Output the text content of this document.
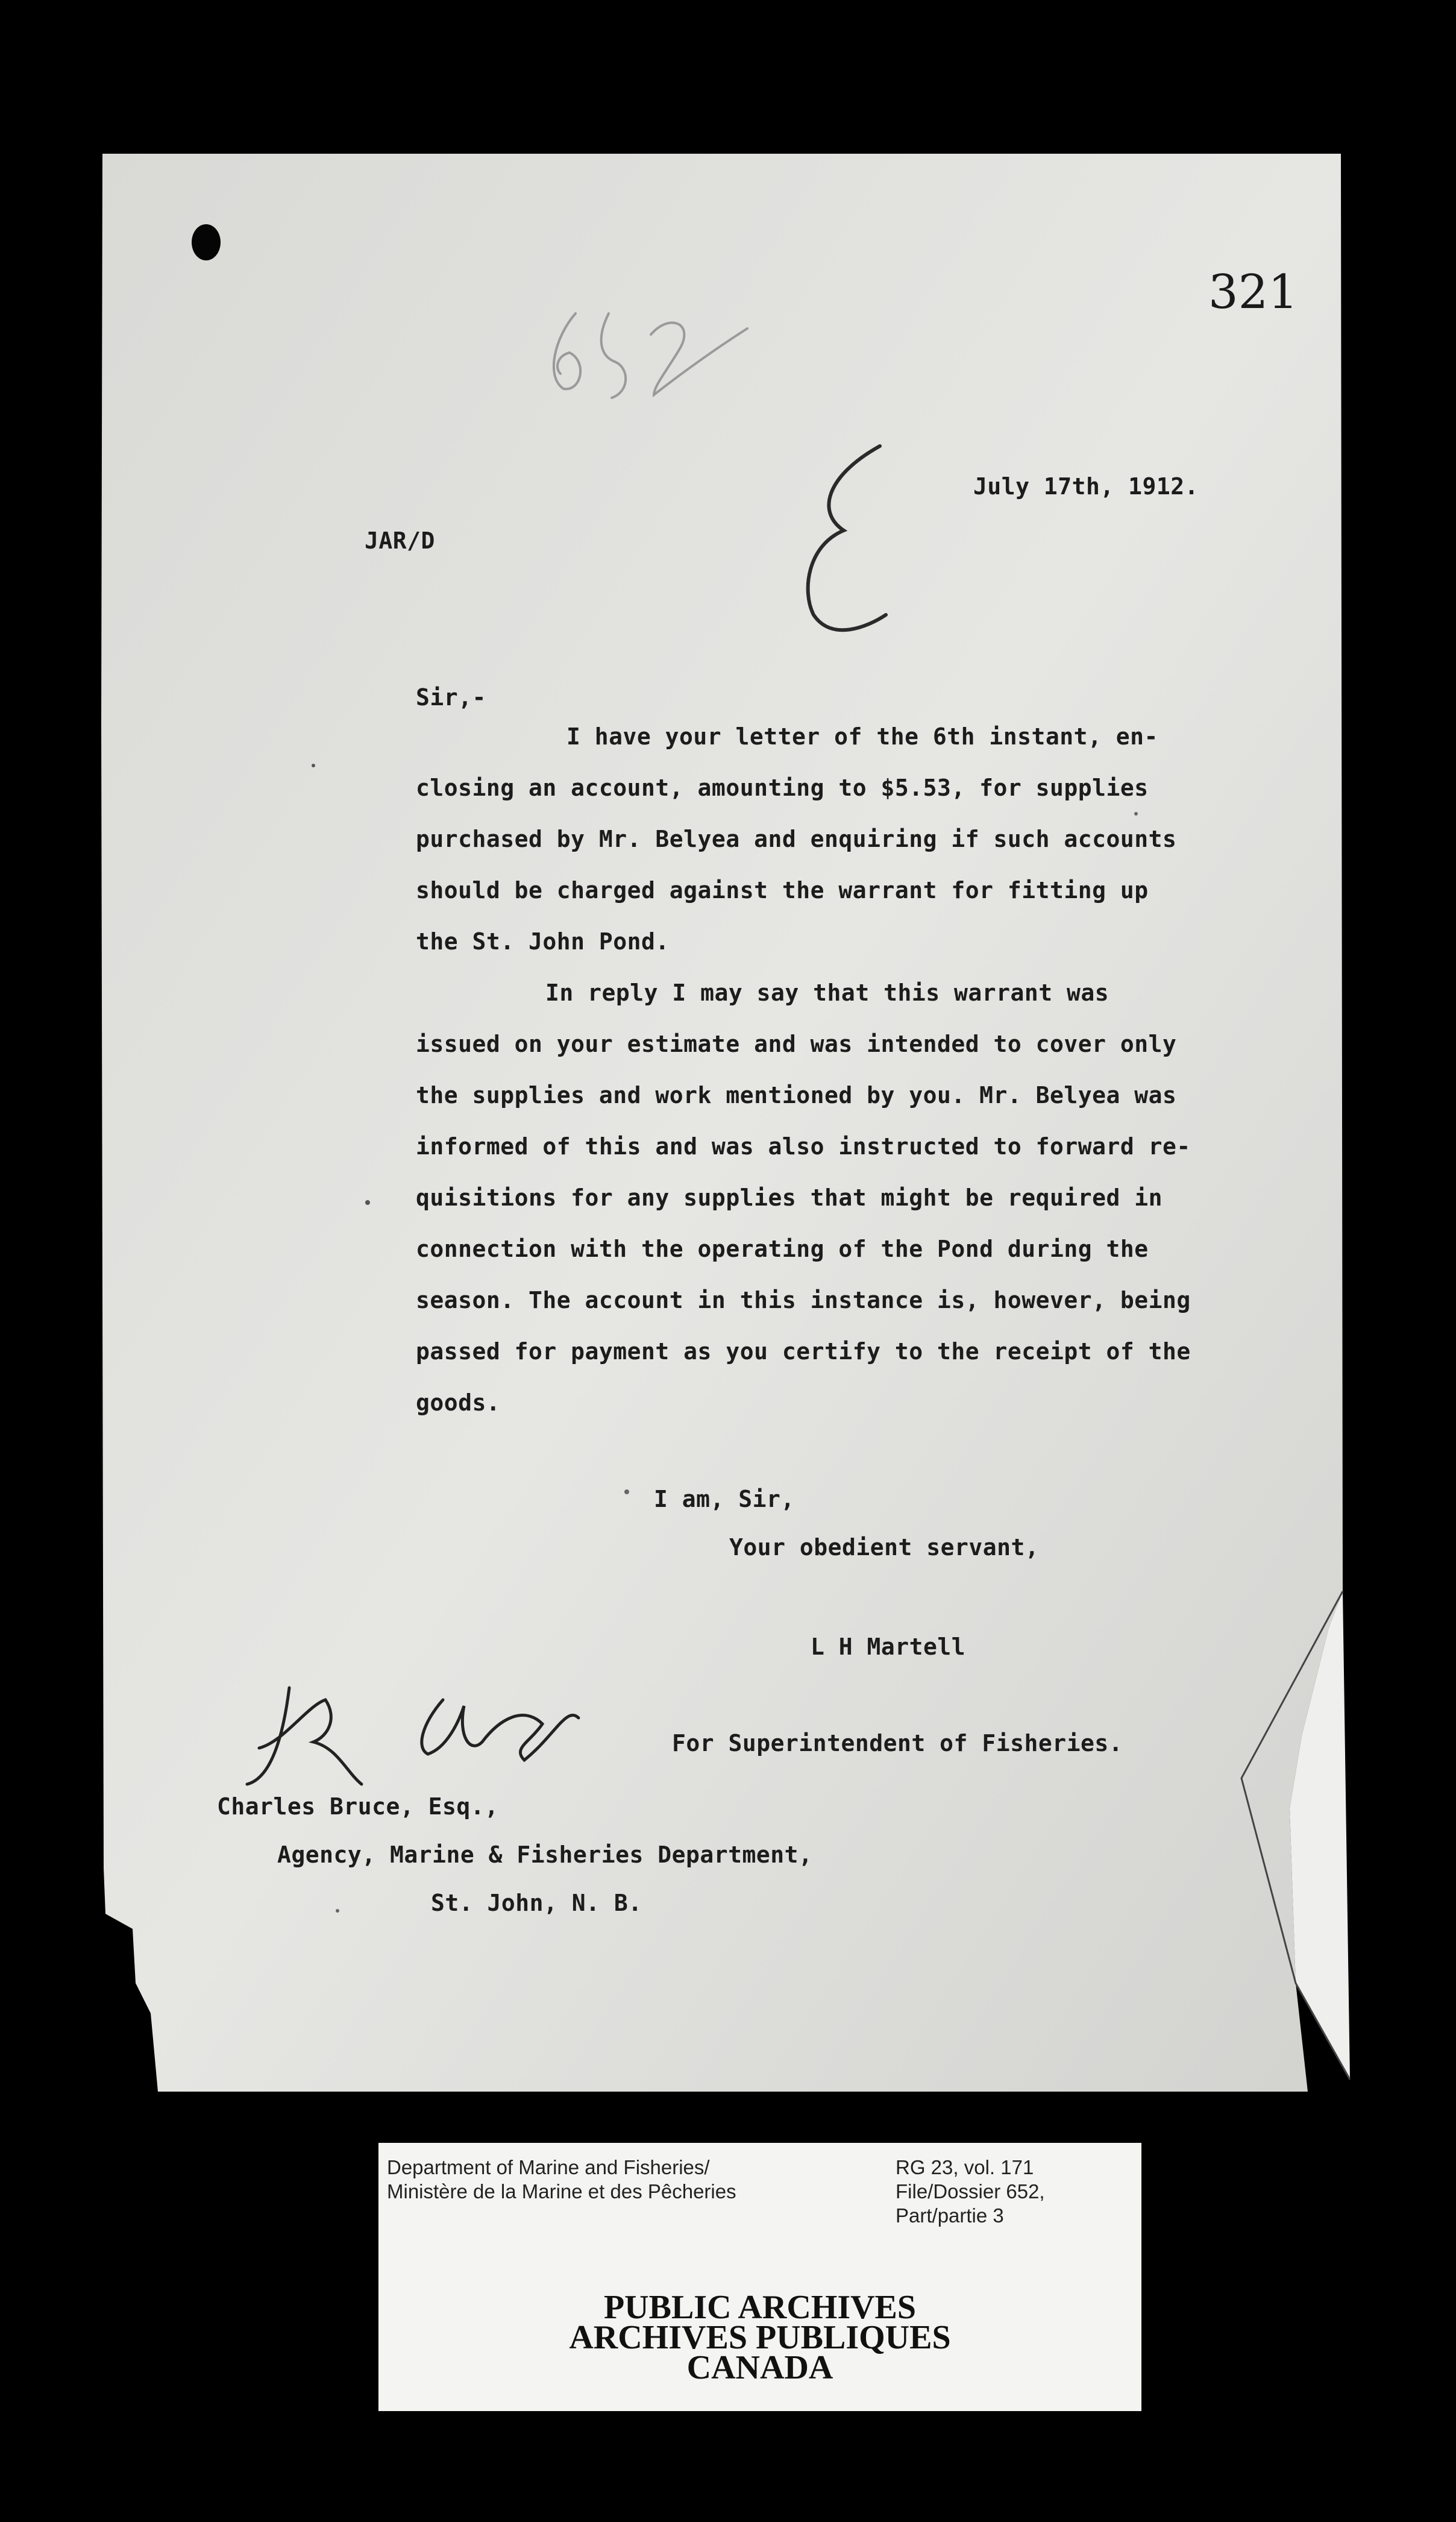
321
July 17th, 1912.
JAR/D
Sir,-
I have your letter of the 6th instant, en-
closing an account, amounting to $5.53, for supplies
purchased by Mr. Belyea and enquiring if such accounts
should be charged against the warrant for fitting up
the St. John Pond.
In reply I may say that this warrant was
issued on your estimate and was intended to cover only
the supplies and work mentioned by you. Mr. Belyea was
informed of this and was also instructed to forward re-
quisitions for any supplies that might be required in
connection with the operating of the Pond during the
season. The account in this instance is, however, being
passed for payment as you certify to the receipt of the
goods.
I am, Sir,
Your obedient servant,
L H Martell
For Superintendent of Fisheries.
Charles Bruce, Esq.,
Agency, Marine & Fisheries Department,
St. John, N. B.
Department of Marine and Fisheries/
Ministère de la Marine et des Pêcheries
RG 23, vol. 171
File/Dossier 652,
Part/partie 3
PUBLIC ARCHIVES
ARCHIVES PUBLIQUES
CANADA
